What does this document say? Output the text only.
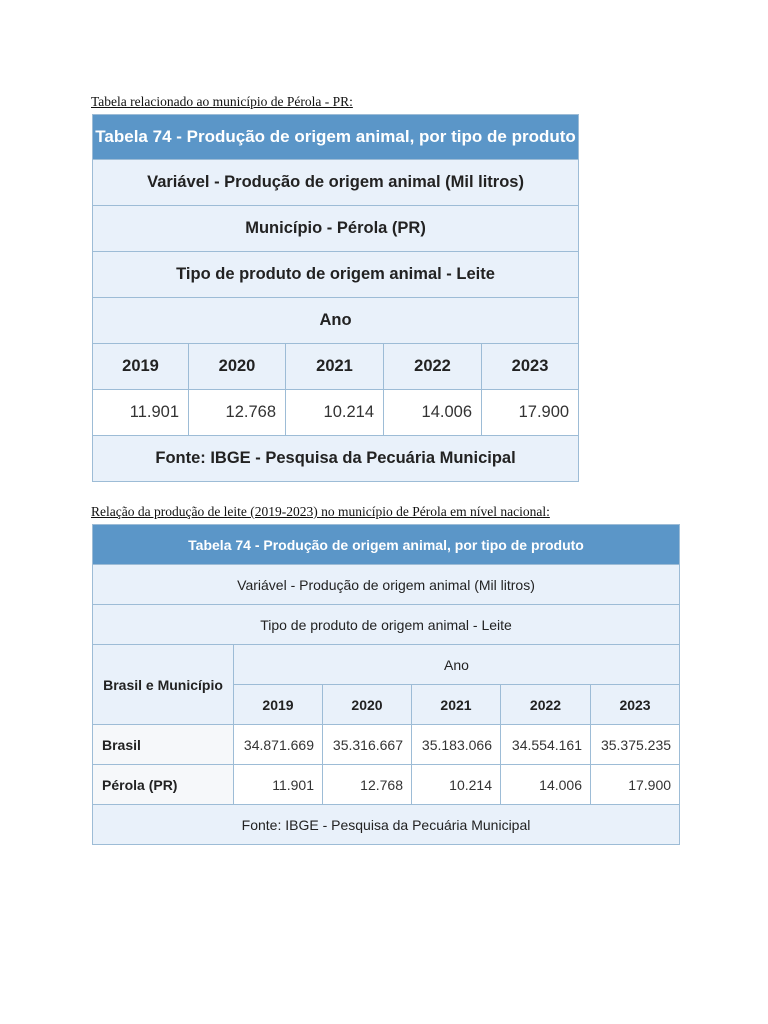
Tabela relacionado ao município de Pérola - PR:
Tabela 74 - Produção de origem animal, por tipo de produto				
Variável - Produção de origem animal (Mil litros)				
Município - Pérola (PR)				
Tipo de produto de origem animal - Leite				
Ano				
2019	2020	2021	2022	2023
11.901	12.768	10.214	14.006	17.900
Fonte: IBGE - Pesquisa da Pecuária Municipal				
Relação da produção de leite (2019-2023) no município de Pérola em nível nacional:
Tabela 74 - Produção de origem animal, por tipo de produto					
Variável - Produção de origem animal (Mil litros)					
Tipo de produto de origem animal - Leite					
Brasil e Município	Ano				
	2019	2020	2021	2022	2023
Brasil	34.871.669	35.316.667	35.183.066	34.554.161	35.375.235
Pérola (PR)	11.901	12.768	10.214	14.006	17.900
Fonte: IBGE - Pesquisa da Pecuária Municipal					
